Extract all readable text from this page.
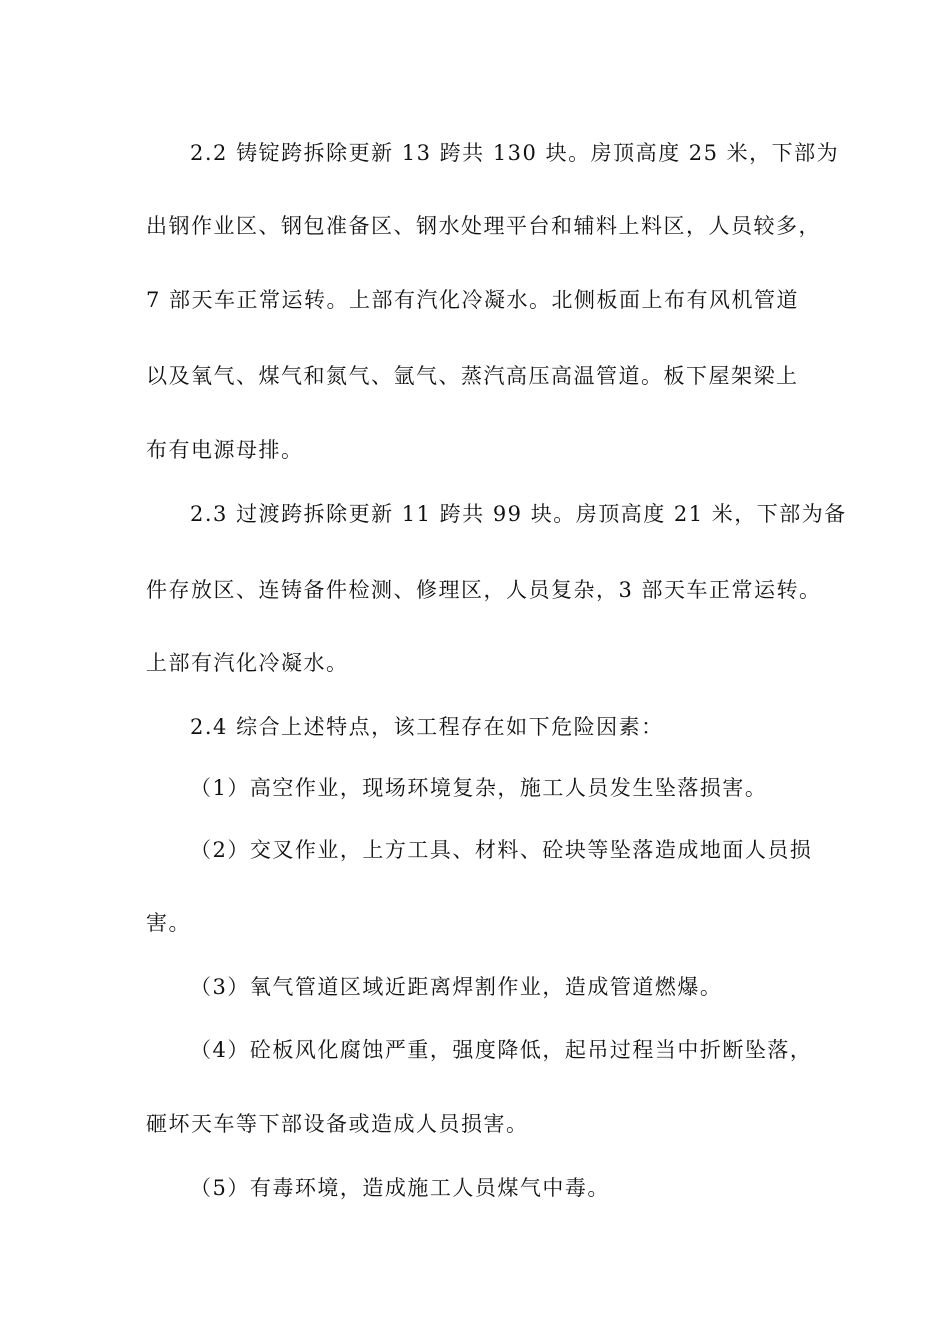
2.2 铸锭跨拆除更新 13 跨共 130 块。房顶高度 25 米，下部为
出钢作业区、钢包准备区、钢水处理平台和辅料上料区，人员较多，
7 部天车正常运转。上部有汽化冷凝水。北侧板面上布有风机管道
以及氧气、煤气和氮气、氩气、蒸汽高压高温管道。板下屋架梁上
布有电源母排。
2.3 过渡跨拆除更新 11 跨共 99 块。房顶高度 21 米，下部为备
件存放区、连铸备件检测、修理区，人员复杂，3 部天车正常运转。
上部有汽化冷凝水。
2.4 综合上述特点，该工程存在如下危险因素：
（1）高空作业，现场环境复杂，施工人员发生坠落损害。
（2）交叉作业，上方工具、材料、砼块等坠落造成地面人员损
害。
（3）氧气管道区域近距离焊割作业，造成管道燃爆。
（4）砼板风化腐蚀严重，强度降低，起吊过程当中折断坠落，
砸坏天车等下部设备或造成人员损害。
（5）有毒环境，造成施工人员煤气中毒。
